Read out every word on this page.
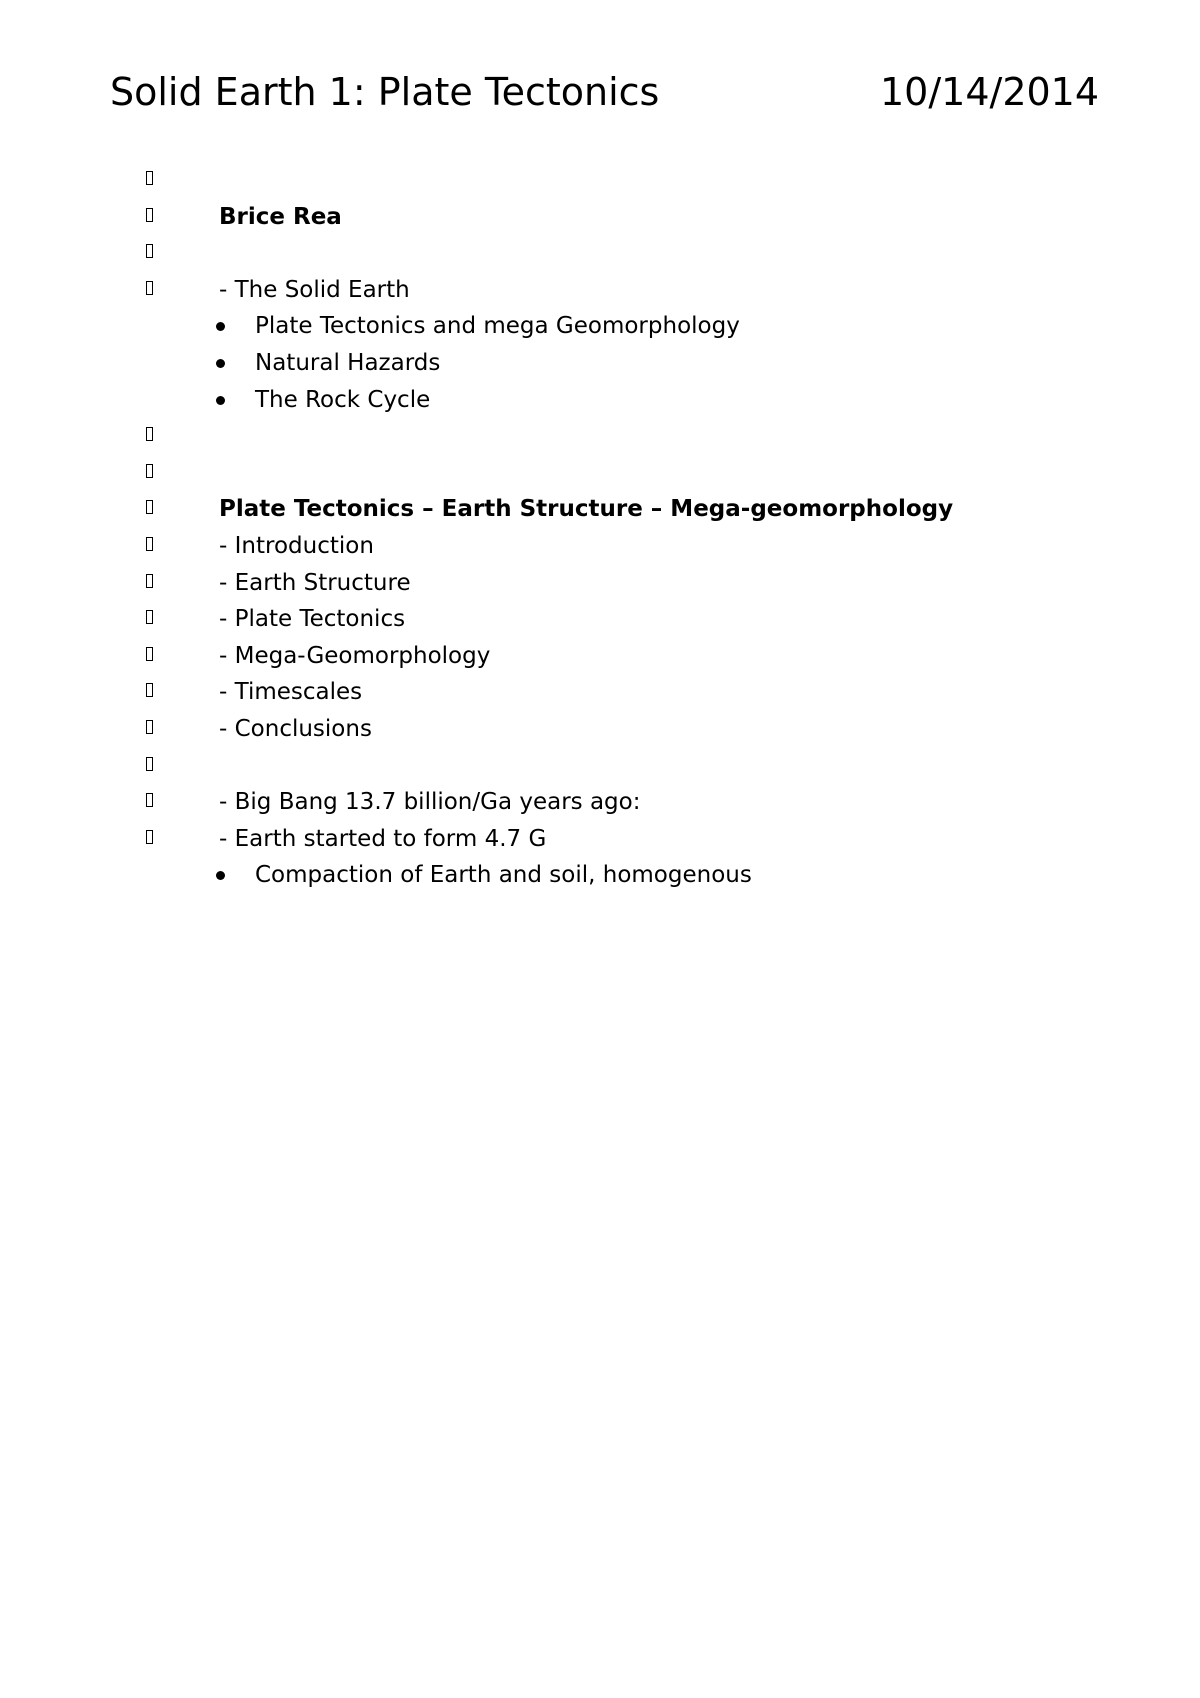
Solid Earth 1: Plate Tectonics	10/14/2014
Brice Rea
- The Solid Earth
Plate Tectonics and mega Geomorphology
Natural Hazards
The Rock Cycle
Plate Tectonics – Earth Structure – Mega-geomorphology
- Introduction
- Earth Structure
- Plate Tectonics
- Mega-Geomorphology
- Timescales
- Conclusions
- Big Bang 13.7 billion/Ga years ago:
- Earth started to form 4.7 G
Compaction of Earth and soil, homogenous
